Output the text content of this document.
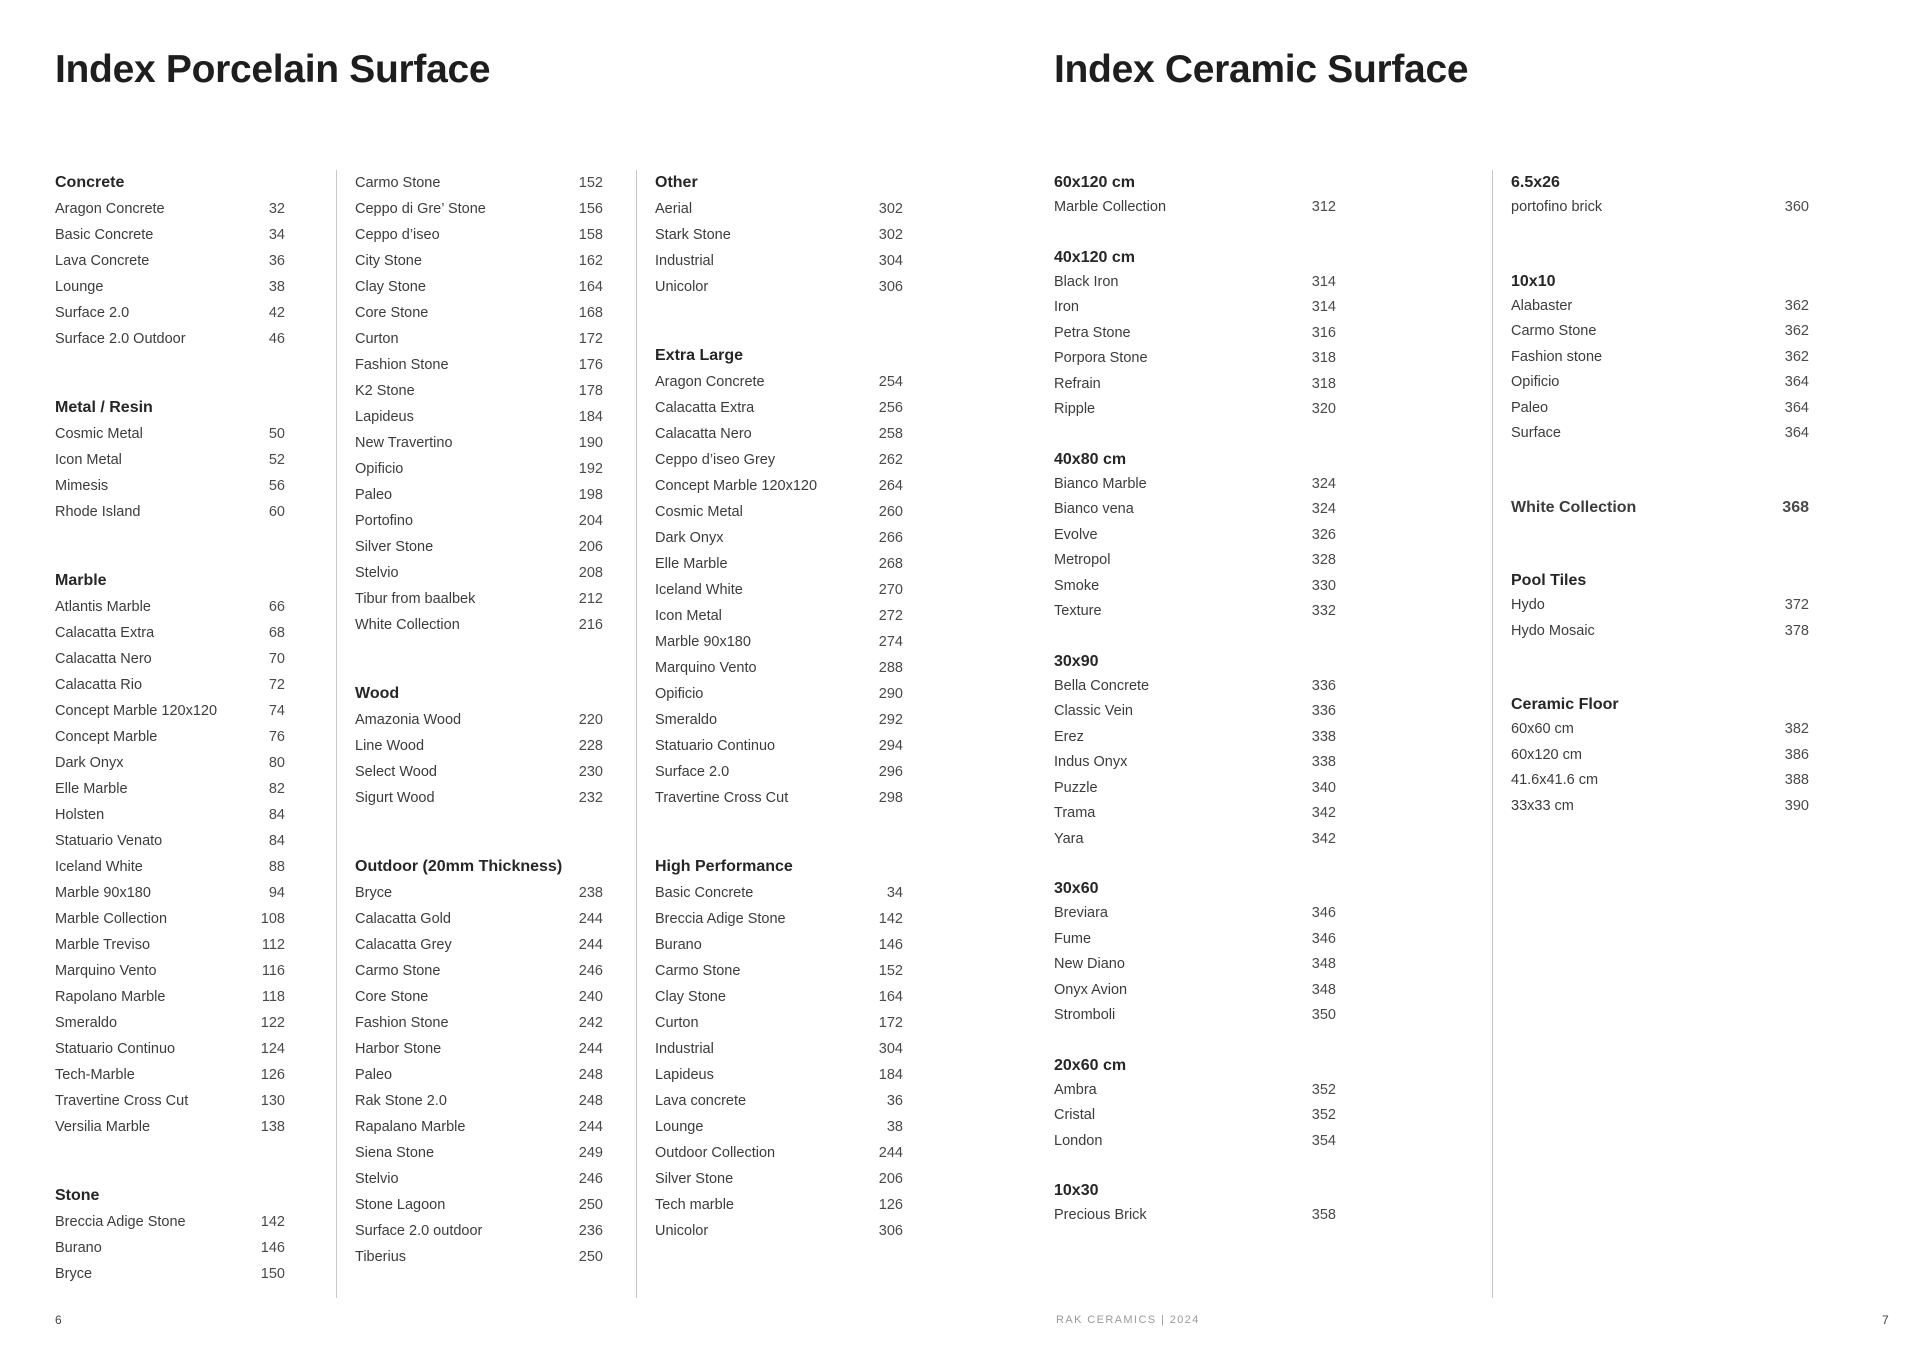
Index Porcelain Surface	Index Ceramic Surface
Concrete
Aragon Concrete	32
Basic Concrete	34
Lava Concrete	36
Lounge	38
Surface 2.0	42
Surface 2.0 Outdoor	46
Metal / Resin
Cosmic Metal	50
Icon Metal	52
Mimesis	56
Rhode Island	60
Marble
Atlantis Marble	66
Calacatta Extra	68
Calacatta Nero	70
Calacatta Rio	72
Concept Marble 120x120	74
Concept Marble	76
Dark Onyx	80
Elle Marble	82
Holsten	84
Statuario Venato	84
Iceland White	88
Marble 90x180	94
Marble Collection	108
Marble Treviso	112
Marquino Vento	116
Rapolano Marble	118
Smeraldo	122
Statuario Continuo	124
Tech-Marble	126
Travertine Cross Cut	130
Versilia Marble	138
Stone
Breccia Adige Stone	142
Burano	146
Bryce	150
Carmo Stone	152
Ceppo di Gre’ Stone	156
Ceppo d’iseo	158
City Stone	162
Clay Stone	164
Core Stone	168
Curton	172
Fashion Stone	176
K2 Stone	178
Lapideus	184
New Travertino	190
Opificio	192
Paleo	198
Portofino	204
Silver Stone	206
Stelvio	208
Tibur from baalbek	212
White Collection	216
Wood
Amazonia Wood	220
Line Wood	228
Select Wood	230
Sigurt Wood	232
Outdoor (20mm Thickness)
Bryce	238
Calacatta Gold	244
Calacatta Grey	244
Carmo Stone	246
Core Stone	240
Fashion Stone	242
Harbor Stone	244
Paleo	248
Rak Stone 2.0	248
Rapalano Marble	244
Siena Stone	249
Stelvio	246
Stone Lagoon	250
Surface 2.0 outdoor	236
Tiberius	250
Other
Aerial	302
Stark Stone	302
Industrial	304
Unicolor	306
Extra Large
Aragon Concrete	254
Calacatta Extra	256
Calacatta Nero	258
Ceppo d’iseo Grey	262
Concept Marble 120x120	264
Cosmic Metal	260
Dark Onyx	266
Elle Marble	268
Iceland White	270
Icon Metal	272
Marble 90x180	274
Marquino Vento	288
Opificio	290
Smeraldo	292
Statuario Continuo	294
Surface 2.0	296
Travertine Cross Cut	298
High Performance
Basic Concrete	34
Breccia Adige Stone	142
Burano	146
Carmo Stone	152
Clay Stone	164
Curton	172
Industrial	304
Lapideus	184
Lava concrete	36
Lounge	38
Outdoor Collection	244
Silver Stone	206
Tech marble	126
Unicolor	306
60x120 cm
Marble Collection	312
40x120 cm
Black Iron	314
Iron	314
Petra Stone	316
Porpora Stone	318
Refrain	318
Ripple	320
40x80 cm
Bianco Marble	324
Bianco vena	324
Evolve	326
Metropol	328
Smoke	330
Texture	332
30x90
Bella Concrete	336
Classic Vein	336
Erez	338
Indus Onyx	338
Puzzle	340
Trama	342
Yara	342
30x60
Breviara	346
Fume	346
New Diano	348
Onyx Avion	348
Stromboli	350
20x60 cm
Ambra	352
Cristal	352
London	354
10x30
Precious Brick	358
6.5x26
portofino brick	360
10x10
Alabaster	362
Carmo Stone	362
Fashion stone	362
Opificio	364
Paleo	364
Surface	364
White Collection	368
Pool Tiles
Hydo	372
Hydo Mosaic	378
Ceramic Floor
60x60 cm	382
60x120 cm	386
41.6x41.6 cm	388
33x33 cm	390
6	RAK CERAMICS | 2024	7
